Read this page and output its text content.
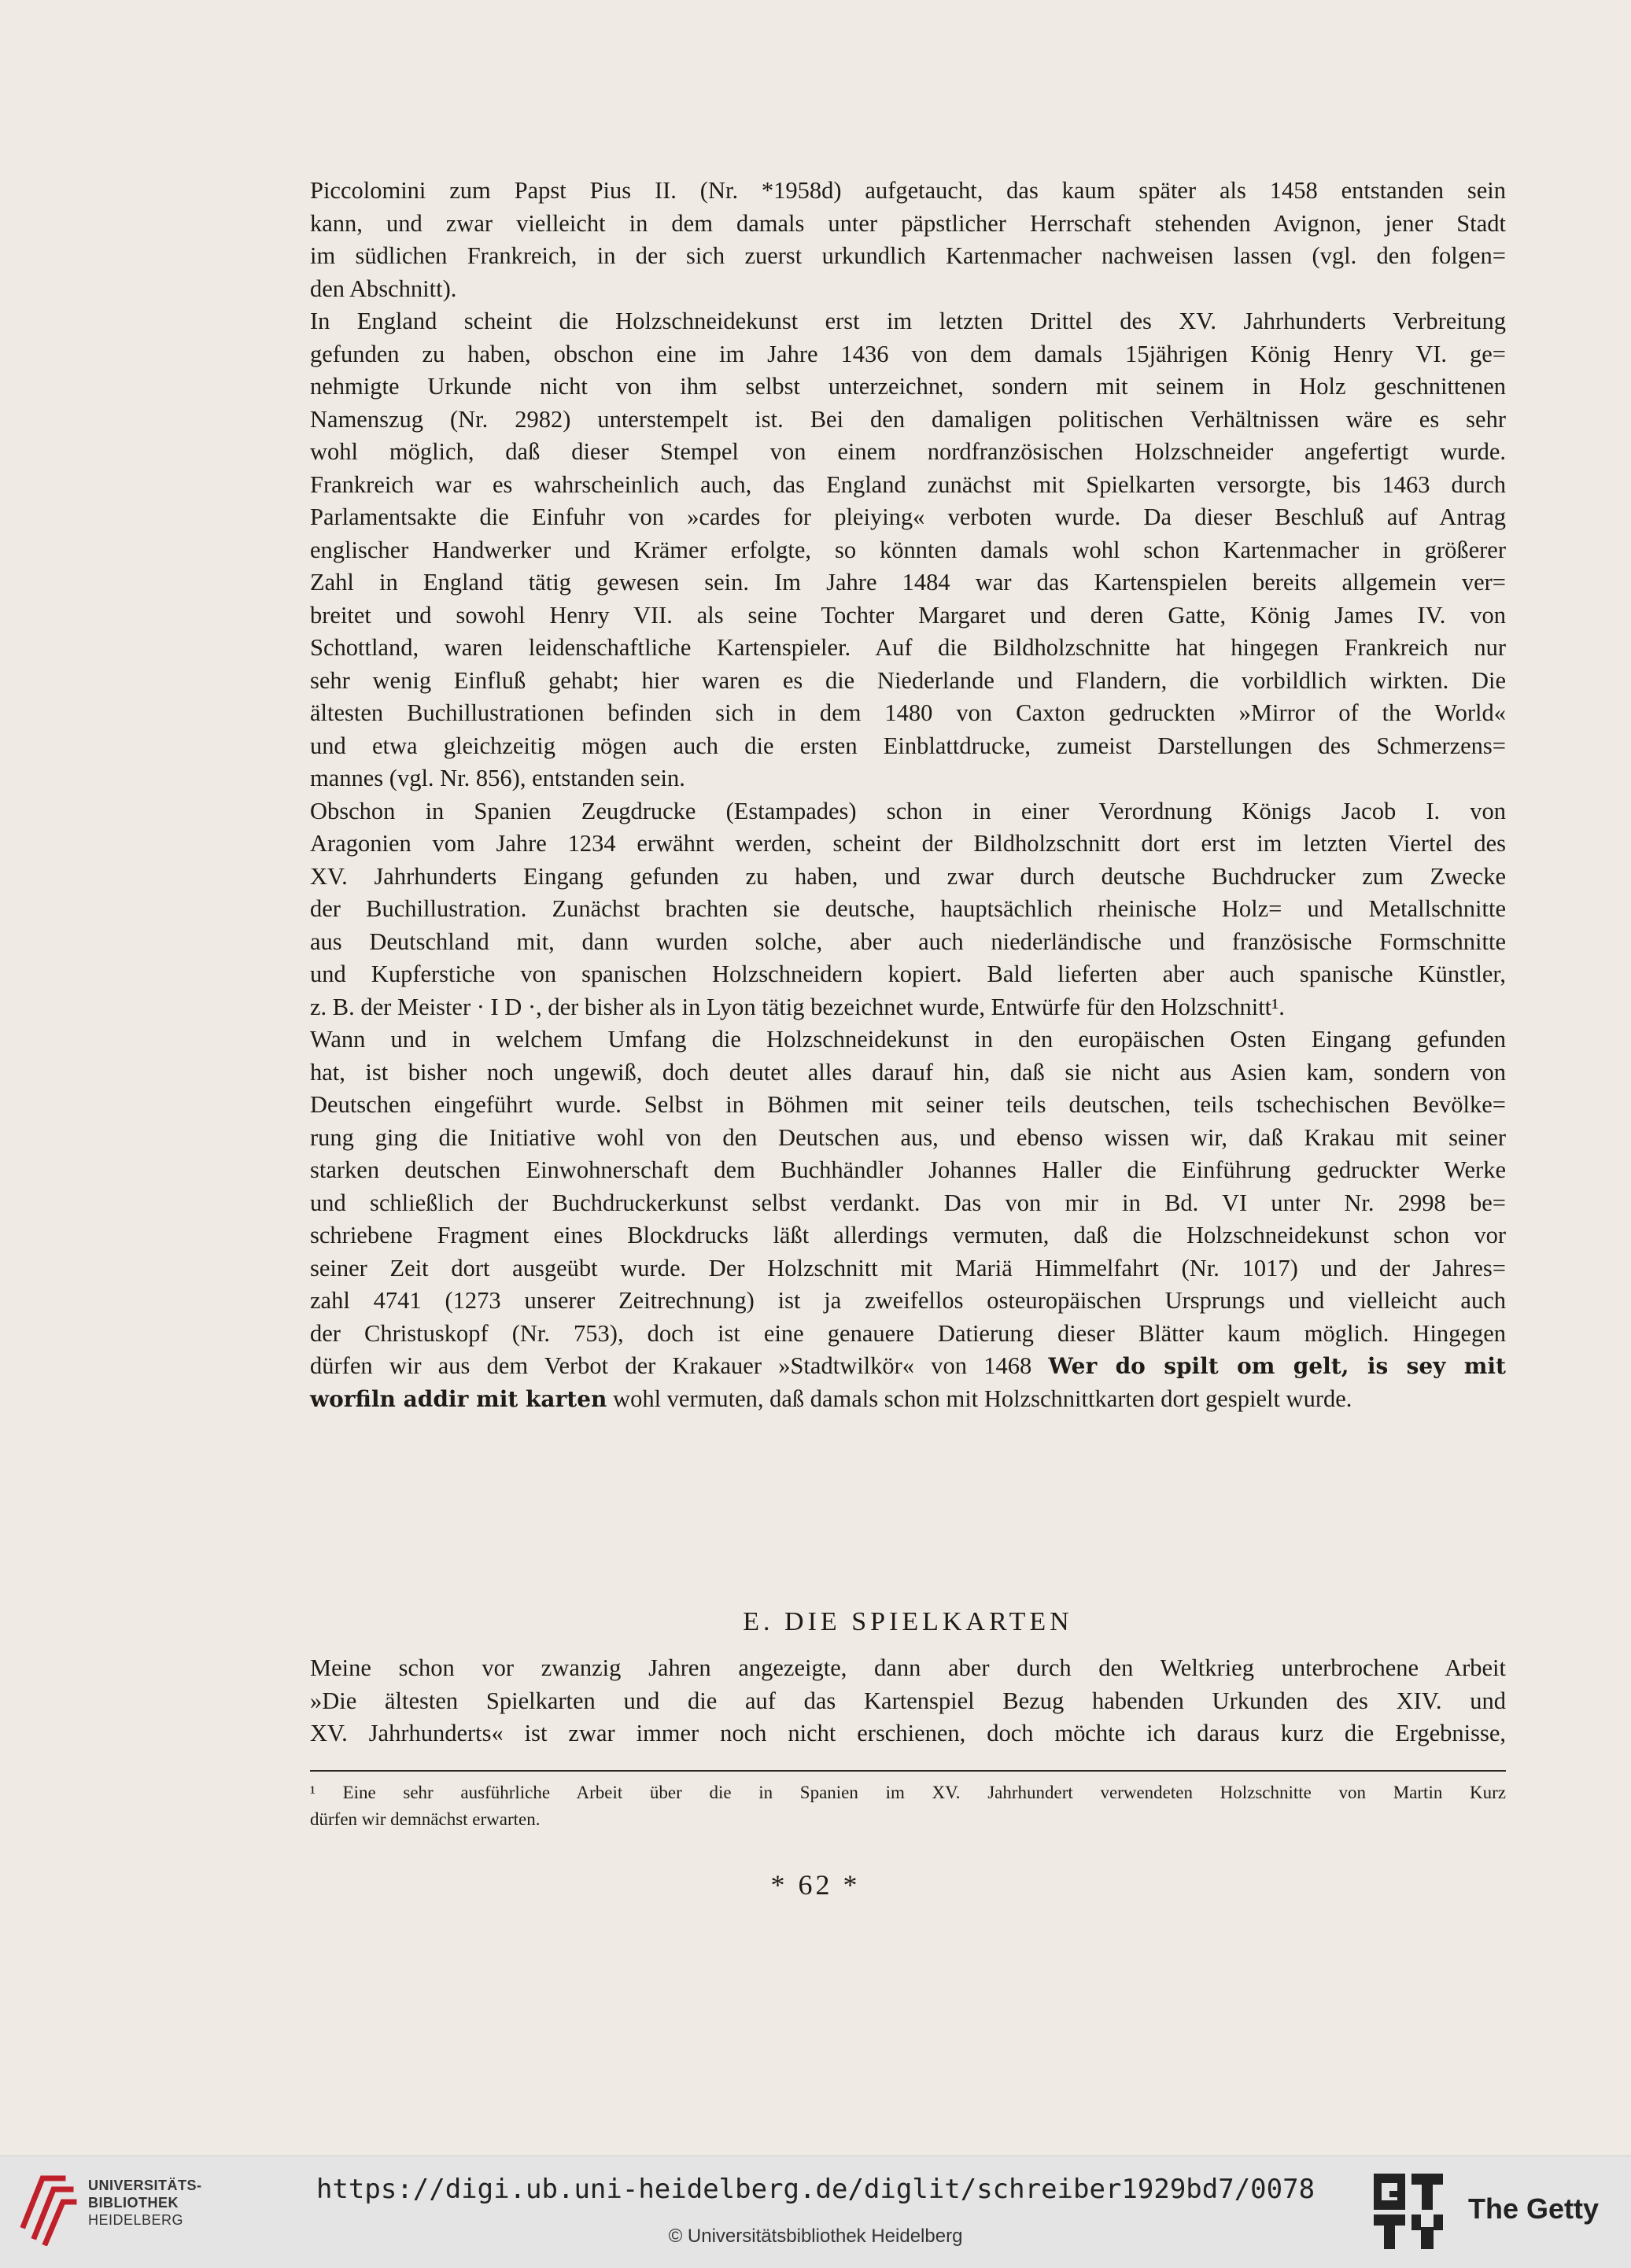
Piccolomini zum Papst Pius II. (Nr. *1958d) aufgetaucht, das kaum später als 1458 entstanden sein
kann, und zwar vielleicht in dem damals unter päpstlicher Herrschaft stehenden Avignon, jener Stadt
im südlichen Frankreich, in der sich zuerst urkundlich Kartenmacher nachweisen lassen (vgl. den folgen=
den Abschnitt).
In England scheint die Holzschneidekunst erst im letzten Drittel des XV. Jahrhunderts Verbreitung
gefunden zu haben, obschon eine im Jahre 1436 von dem damals 15jährigen König Henry VI. ge=
nehmigte Urkunde nicht von ihm selbst unterzeichnet, sondern mit seinem in Holz geschnittenen
Namenszug (Nr. 2982) unterstempelt ist. Bei den damaligen politischen Verhältnissen wäre es sehr
wohl möglich, daß dieser Stempel von einem nordfranzösischen Holzschneider angefertigt wurde.
Frankreich war es wahrscheinlich auch, das England zunächst mit Spielkarten versorgte, bis 1463 durch
Parlamentsakte die Einfuhr von »cardes for pleiying« verboten wurde. Da dieser Beschluß auf Antrag
englischer Handwerker und Krämer erfolgte, so könnten damals wohl schon Kartenmacher in größerer
Zahl in England tätig gewesen sein. Im Jahre 1484 war das Kartenspielen bereits allgemein ver=
breitet und sowohl Henry VII. als seine Tochter Margaret und deren Gatte, König James IV. von
Schottland, waren leidenschaftliche Kartenspieler. Auf die Bildholzschnitte hat hingegen Frankreich nur
sehr wenig Einfluß gehabt; hier waren es die Niederlande und Flandern, die vorbildlich wirkten. Die
ältesten Buchillustrationen befinden sich in dem 1480 von Caxton gedruckten »Mirror of the World«
und etwa gleichzeitig mögen auch die ersten Einblattdrucke, zumeist Darstellungen des Schmerzens=
mannes (vgl. Nr. 856), entstanden sein.
Obschon in Spanien Zeugdrucke (Estampades) schon in einer Verordnung Königs Jacob I. von
Aragonien vom Jahre 1234 erwähnt werden, scheint der Bildholzschnitt dort erst im letzten Viertel des
XV. Jahrhunderts Eingang gefunden zu haben, und zwar durch deutsche Buchdrucker zum Zwecke
der Buchillustration. Zunächst brachten sie deutsche, hauptsächlich rheinische Holz= und Metallschnitte
aus Deutschland mit, dann wurden solche, aber auch niederländische und französische Formschnitte
und Kupferstiche von spanischen Holzschneidern kopiert. Bald lieferten aber auch spanische Künstler,
z. B. der Meister · I D ·, der bisher als in Lyon tätig bezeichnet wurde, Entwürfe für den Holzschnitt¹.
Wann und in welchem Umfang die Holzschneidekunst in den europäischen Osten Eingang gefunden
hat, ist bisher noch ungewiß, doch deutet alles darauf hin, daß sie nicht aus Asien kam, sondern von
Deutschen eingeführt wurde. Selbst in Böhmen mit seiner teils deutschen, teils tschechischen Bevölke=
rung ging die Initiative wohl von den Deutschen aus, und ebenso wissen wir, daß Krakau mit seiner
starken deutschen Einwohnerschaft dem Buchhändler Johannes Haller die Einführung gedruckter Werke
und schließlich der Buchdruckerkunst selbst verdankt. Das von mir in Bd. VI unter Nr. 2998 be=
schriebene Fragment eines Blockdrucks läßt allerdings vermuten, daß die Holzschneidekunst schon vor
seiner Zeit dort ausgeübt wurde. Der Holzschnitt mit Mariä Himmelfahrt (Nr. 1017) und der Jahres=
zahl 4741 (1273 unserer Zeitrechnung) ist ja zweifellos osteuropäischen Ursprungs und vielleicht auch
der Christuskopf (Nr. 753), doch ist eine genauere Datierung dieser Blätter kaum möglich. Hingegen
dürfen wir aus dem Verbot der Krakauer »Stadtwilkör« von 1468 Wer do spilt om gelt, is sey mit
worfiln addir mit karten wohl vermuten, daß damals schon mit Holzschnittkarten dort gespielt wurde.
E. DIE SPIELKARTEN
Meine schon vor zwanzig Jahren angezeigte, dann aber durch den Weltkrieg unterbrochene Arbeit
»Die ältesten Spielkarten und die auf das Kartenspiel Bezug habenden Urkunden des XIV. und
XV. Jahrhunderts« ist zwar immer noch nicht erschienen, doch möchte ich daraus kurz die Ergebnisse,
¹ Eine sehr ausführliche Arbeit über die in Spanien im XV. Jahrhundert verwendeten Holzschnitte von Martin Kurz
dürfen wir demnächst erwarten.
* 62 *
UNIVERSITÄTS-
BIBLIOTHEK
HEIDELBERG
https://digi.ub.uni-heidelberg.de/diglit/schreiber1929bd7/0078
© Universitätsbibliothek Heidelberg
The Getty
